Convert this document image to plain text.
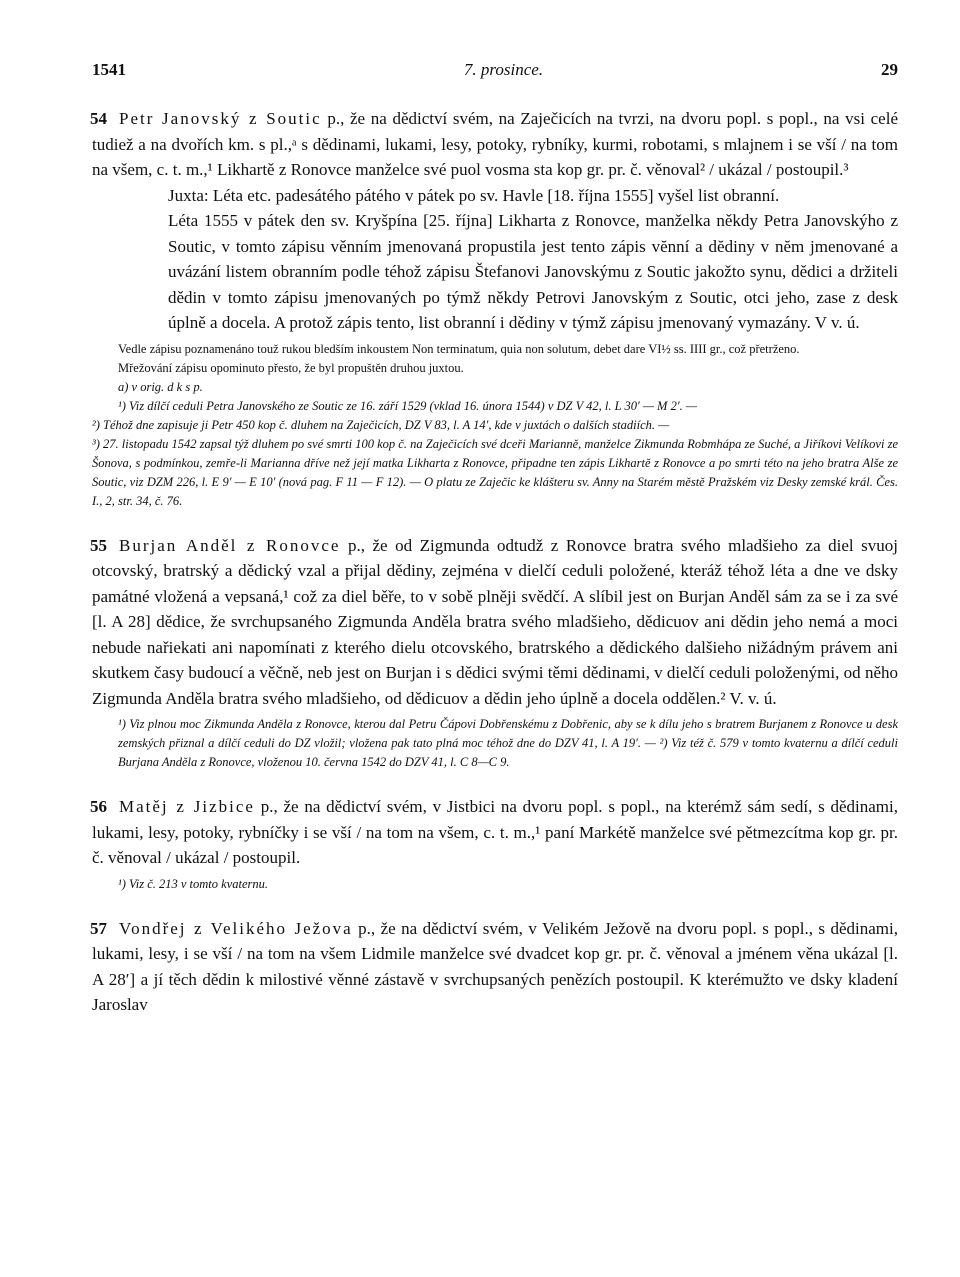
1541	7. prosince.	29

54 Petr Janovský z Soutic p., že na dědictví svém, na Zaječicích na tvrzi, na dvoru popl. s popl., na vsi celé tudiež a na dvořích km. s pl.,ᵃ s dědinami, lukami, lesy, potoky, rybníky, kurmi, robotami, s mlajnem i se vší / na tom na všem, c. t. m.,¹ Likhartě z Ronovce manželce své puol vosma sta kop gr. pr. č. věnoval² / ukázal / postoupil.³

Juxta: Léta etc. padesátého pátého v pátek po sv. Havle [18. října 1555] vyšel list obranní.

Léta 1555 v pátek den sv. Kryšpína [25. října] Likharta z Ronovce, manželka někdy Petra Janovskýho z Soutic, v tomto zápisu věnním jmenovaná propustila jest tento zápis vĕnní a dĕdiny v nĕm jmenované a uvázání listem obranním podle téhož zápisu Štefanovi Janovskýmu z Soutic jakožto synu, dědici a držiteli dědin v tomto zápisu jmenovaných po týmž někdy Petrovi Janovským z Soutic, otci jeho, zase z desk úplně a docela. A protož zápis tento, list obranní i dědiny v týmž zápisu jmenovaný vymazány. V v. ú.

Vedle zápisu poznamenáno touž rukou bledším inkoustem Non terminatum, quia non solutum, debet dare VI½ ss. IIII gr., což přetrženo.

Mřežování zápisu opominuto přesto, že byl propuštěn druhou juxtou.

a) v orig. d k s p.

¹) Viz dílčí ceduli Petra Janovského ze Soutic ze 16. září 1529 (vklad 16. února 1544) v DZ V 42, l. L 30′ — M 2′. —

²) Téhož dne zapisuje ji Petr 450 kop č. dluhem na Zaječicích, DZ V 83, l. A 14′, kde v juxtách o dalších stadiích. —

³) 27. listopadu 1542 zapsal týž dluhem po své smrti 100 kop č. na Zaječicích své dceři Marianně, manželce Zikmunda Robmhápa ze Suché, a Jiříkovi Velíkovi ze Šonova, s podmínkou, zemře-li Marianna dříve než její matka Likharta z Ronovce, připadne ten zápis Likhartě z Ronovce a po smrti této na jeho bratra Alše ze Soutic, viz DZM 226, l. E 9′ — E 10′ (nová pag. F 11 — F 12). — O platu ze Zaječic ke klášteru sv. Anny na Starém městě Pražském viz Desky zemské král. Čes. I., 2, str. 34, č. 76.

55 Burjan Anděl z Ronovce p., že od Zigmunda odtudž z Ronovce bratra svého mladšieho za diel svuoj otcovský, bratrský a dědický vzal a přijal dědiny, zejména v dielčí ceduli položené, kteráž téhož léta a dne ve dsky památné vložená a vepsaná,¹ což za diel běře, to v sobě plněji svědčí. A slíbil jest on Burjan Anděl sám za se i za své [l. A 28] dědice, že svrchupsaného Zigmunda Anděla bratra svého mladšieho, dědicuov ani dědin jeho nemá a moci nebude nařiekati ani napomínati z kterého dielu otcovského, bratrského a dědického dalšieho nižádným právem ani skutkem časy budoucí a věčně, neb jest on Burjan i s dědici svými těmi dědinami, v dielčí ceduli položenými, od něho Zigmunda Anděla bratra svého mladšieho, od dědicuov a dědin jeho úplně a docela oddělen.² V. v. ú.

¹) Viz plnou moc Zikmunda Anděla z Ronovce, kterou dal Petru Čápovi Dobřenskému z Dobřenic, aby se k dílu jeho s bratrem Burjanem z Ronovce u desk zemských přiznal a dílčí ceduli do DZ vložil; vložena pak tato plná moc téhož dne do DZV 41, l. A 19′. — ²) Viz též č. 579 v tomto kvaternu a dílčí ceduli Burjana Anděla z Ronovce, vloženou 10. června 1542 do DZV 41, l. C 8—C 9.

56 Matěj z Jizbice p., že na dědictví svém, v Jistbici na dvoru popl. s popl., na kterémž sám sedí, s dědinami, lukami, lesy, potoky, rybníčky i se vší / na tom na všem, c. t. m.,¹ paní Markétě manželce své pětmezcítma kop gr. pr. č. věnoval / ukázal / postoupil.

¹) Viz č. 213 v tomto kvaternu.

57 Vondřej z Velikého Ježova p., že na dědictví svém, v Velikém Ježově na dvoru popl. s popl., s dědinami, lukami, lesy, i se vší / na tom na všem Lidmile manželce své dvadcet kop gr. pr. č. věnoval a jménem věna ukázal [l. A 28′] a jí těch dědin k milostivé věnné zástavě v svrchupsaných penězích postoupil. K kterémužto ve dsky kladení Jaroslav
